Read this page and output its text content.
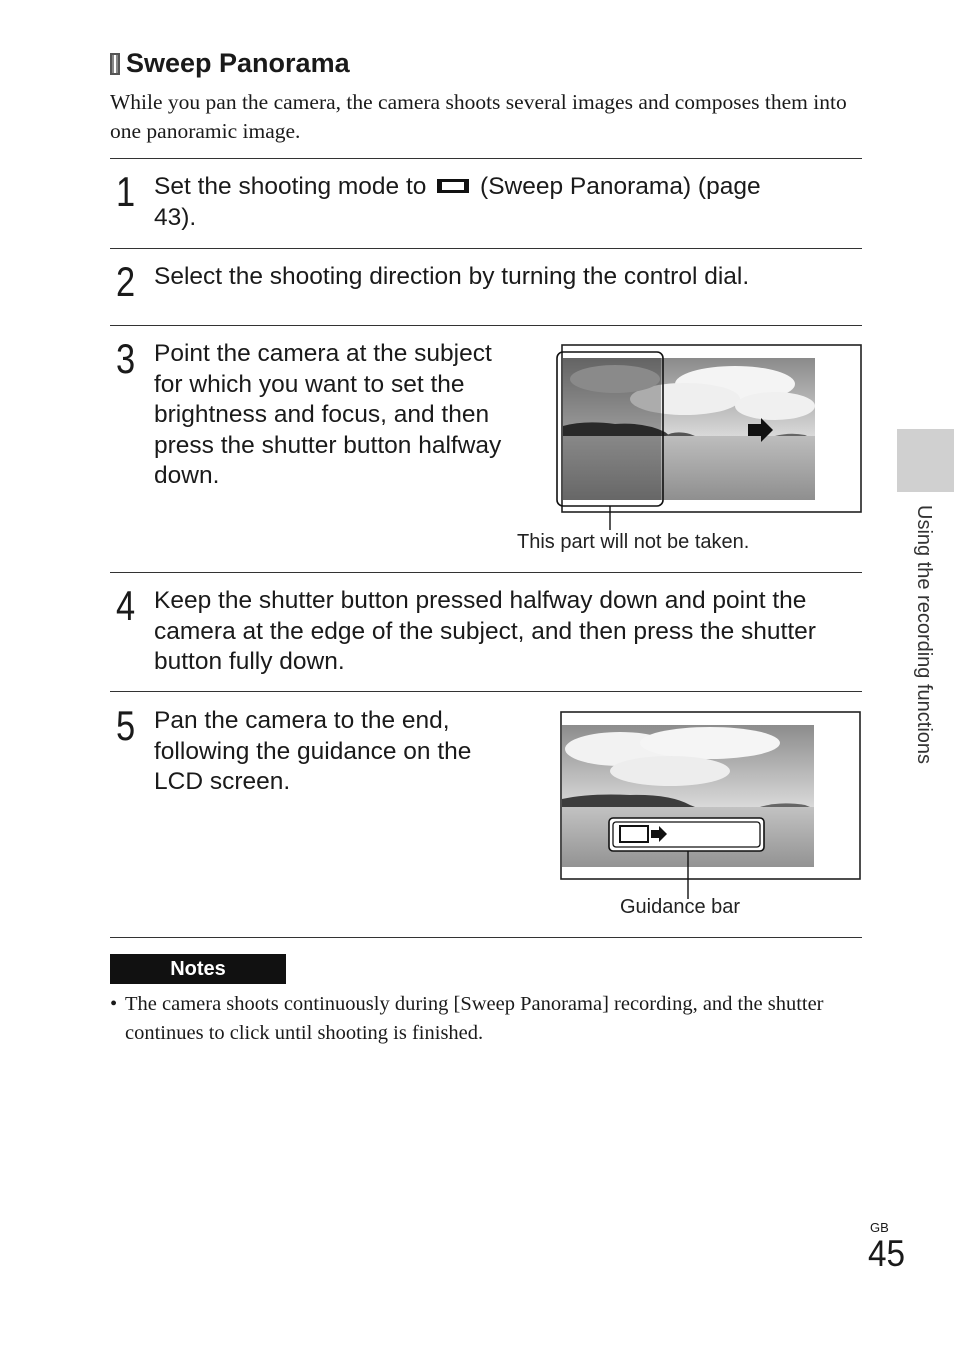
Sweep Panorama
While you pan the camera, the camera shoots several images and composes them into one panoramic image.
1 Set the shooting mode to (Sweep Panorama) (page 43).
2 Select the shooting direction by turning the control dial.
3 Point the camera at the subject for which you want to set the brightness and focus, and then press the shutter button halfway down.
This part will not be taken.
4 Keep the shutter button pressed halfway down and point the camera at the edge of the subject, and then press the shutter button fully down.
5 Pan the camera to the end, following the guidance on the LCD screen.
Guidance bar
Notes
• The camera shoots continuously during [Sweep Panorama] recording, and the shutter continues to click until shooting is finished.
Using the recording functions
GB
45
